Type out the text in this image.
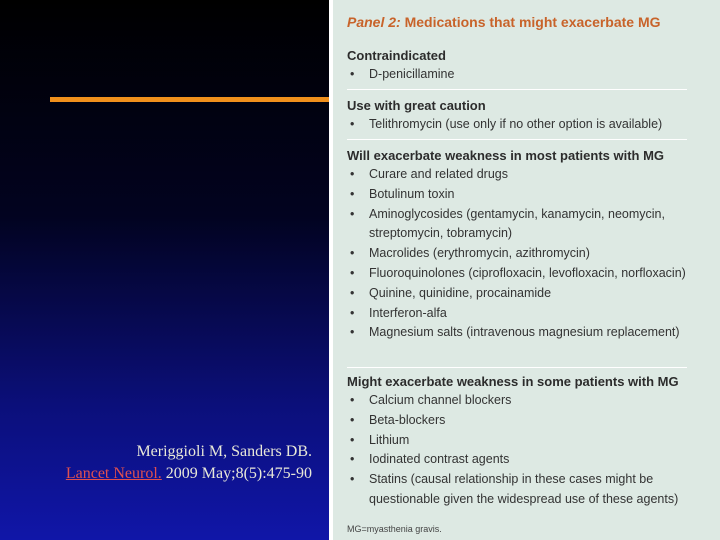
Meriggioli M, Sanders DB.
Lancet Neurol. 2009 May;8(5):475-90
Panel 2: Medications that might exacerbate MG
Contraindicated
• D-penicillamine
Use with great caution
• Telithromycin (use only if no other option is available)
Will exacerbate weakness in most patients with MG
• Curare and related drugs
• Botulinum toxin
• Aminoglycosides (gentamycin, kanamycin, neomycin, streptomycin, tobramycin)
• Macrolides (erythromycin, azithromycin)
• Fluoroquinolones (ciprofloxacin, levofloxacin, norfloxacin)
• Quinine, quinidine, procainamide
• Interferon-alfa
• Magnesium salts (intravenous magnesium replacement)
Might exacerbate weakness in some patients with MG
• Calcium channel blockers
• Beta-blockers
• Lithium
• Iodinated contrast agents
• Statins (causal relationship in these cases might be questionable given the widespread use of these agents)
MG=myasthenia gravis.
